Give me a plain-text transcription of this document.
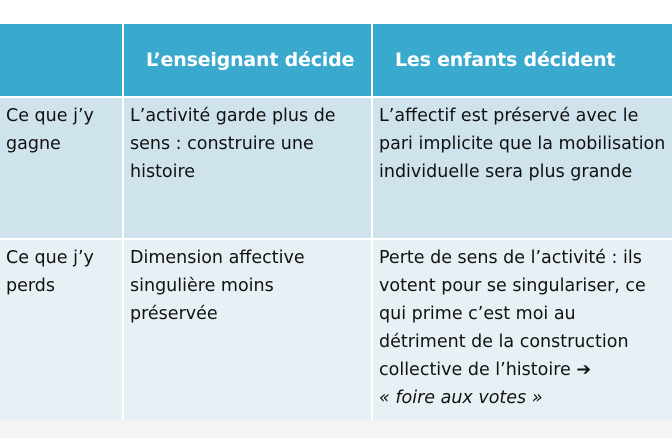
	L’enseignant décide	Les enfants décident
Ce que j’y gagne	L’activité garde plus de sens : construire une histoire	L’affectif est préservé avec le pari implicite que la mobilisation individuelle sera plus grande
Ce que j’y perds	Dimension affective singulière moins préservée	Perte de sens de l’activité : ils votent pour se singulariser, ce qui prime c’est moi au détriment de la construction collective de l’histoire ➔
« foire aux votes »
